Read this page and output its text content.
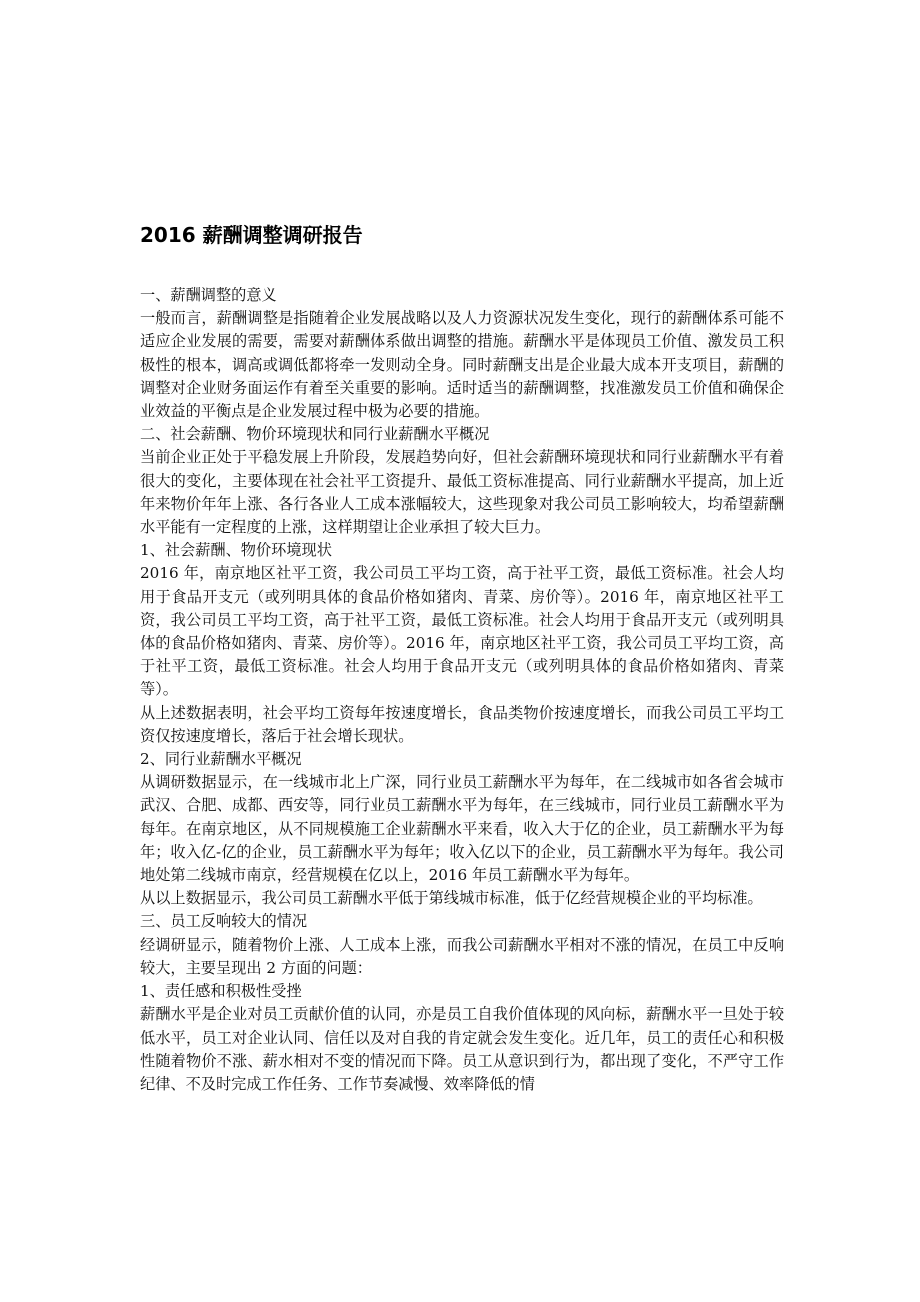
2016 薪酬调整调研报告
一、薪酬调整的意义
一般而言，薪酬调整是指随着企业发展战略以及人力资源状况发生变化，现行的薪酬体系可能不适应企业发展的需要，需要对薪酬体系做出调整的措施。薪酬水平是体现员工价值、激发员工积极性的根本，调高或调低都将牵一发则动全身。同时薪酬支出是企业最大成本开支项目，薪酬的调整对企业财务面运作有着至关重要的影响。适时适当的薪酬调整，找准激发员工价值和确保企业效益的平衡点是企业发展过程中极为必要的措施。
二、社会薪酬、物价环境现状和同行业薪酬水平概况
当前企业正处于平稳发展上升阶段，发展趋势向好，但社会薪酬环境现状和同行业薪酬水平有着很大的变化，主要体现在社会社平工资提升、最低工资标准提高、同行业薪酬水平提高，加上近年来物价年年上涨、各行各业人工成本涨幅较大，这些现象对我公司员工影响较大，均希望薪酬水平能有一定程度的上涨，这样期望让企业承担了较大巨力。
1、社会薪酬、物价环境现状
2016 年，南京地区社平工资，我公司员工平均工资，高于社平工资，最低工资标准。社会人均用于食品开支元（或列明具体的食品价格如猪肉、青菜、房价等）。2016 年，南京地区社平工资，我公司员工平均工资，高于社平工资，最低工资标准。社会人均用于食品开支元（或列明具体的食品价格如猪肉、青菜、房价等）。2016 年，南京地区社平工资，我公司员工平均工资，高于社平工资，最低工资标准。社会人均用于食品开支元（或列明具体的食品价格如猪肉、青菜等）。
从上述数据表明，社会平均工资每年按速度增长，食品类物价按速度增长，而我公司员工平均工资仅按速度增长，落后于社会增长现状。
2、同行业薪酬水平概况
从调研数据显示，在一线城市北上广深，同行业员工薪酬水平为每年，在二线城市如各省会城市武汉、合肥、成都、西安等，同行业员工薪酬水平为每年，在三线城市，同行业员工薪酬水平为每年。在南京地区，从不同规模施工企业薪酬水平来看，收入大于亿的企业，员工薪酬水平为每年；收入亿-亿的企业，员工薪酬水平为每年；收入亿以下的企业，员工薪酬水平为每年。我公司地处第二线城市南京，经营规模在亿以上，2016 年员工薪酬水平为每年。
从以上数据显示，我公司员工薪酬水平低于第线城市标准，低于亿经营规模企业的平均标准。
三、员工反响较大的情况
经调研显示，随着物价上涨、人工成本上涨，而我公司薪酬水平相对不涨的情况，在员工中反响较大，主要呈现出 2 方面的问题：
1、责任感和积极性受挫
薪酬水平是企业对员工贡献价值的认同，亦是员工自我价值体现的风向标，薪酬水平一旦处于较低水平，员工对企业认同、信任以及对自我的肯定就会发生变化。近几年，员工的责任心和积极性随着物价不涨、薪水相对不变的情况而下降。员工从意识到行为，都出现了变化，不严守工作纪律、不及时完成工作任务、工作节奏减慢、效率降低的情
